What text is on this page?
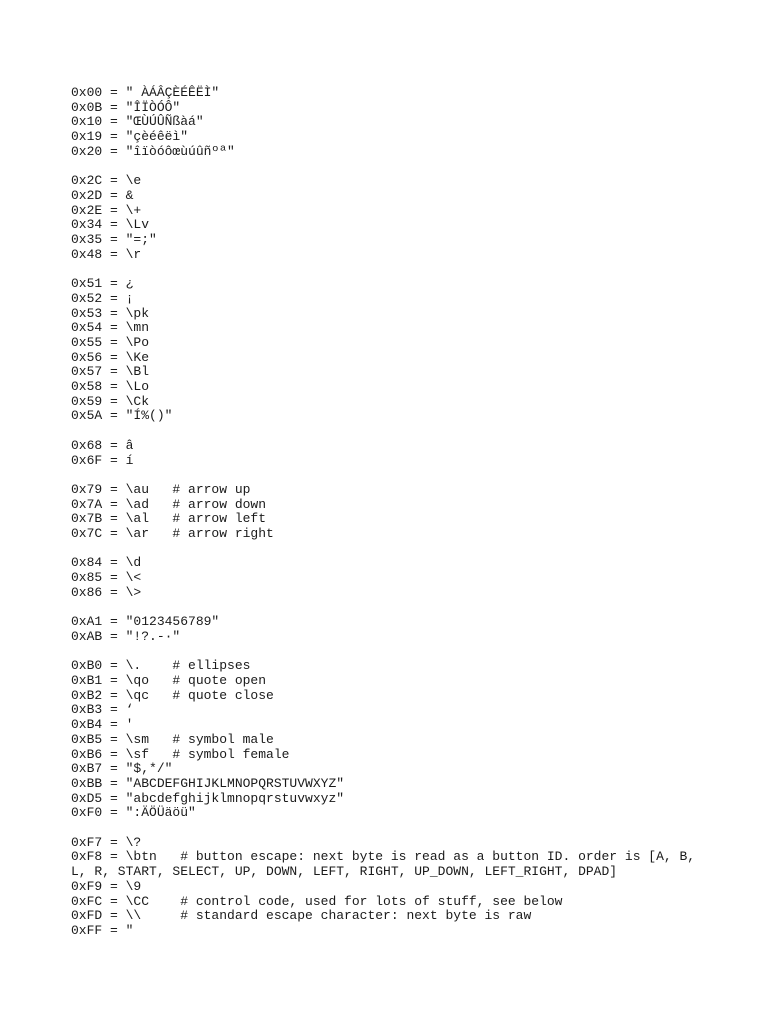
0x00 = " ÀÁÂÇÈÉÊËÌ"
0x0B = "ÎÏÒÓÔ"
0x10 = "ŒÙÚÛÑßàá"
0x19 = "çèéêëì"
0x20 = "îïòóôœùúûñºª"
0x2C = \e
0x2D = &
0x2E = \+
0x34 = \Lv
0x35 = "=;"
0x48 = \r
0x51 = ¿
0x52 = ¡
0x53 = \pk
0x54 = \mn
0x55 = \Po
0x56 = \Ke
0x57 = \Bl
0x58 = \Lo
0x59 = \Ck
0x5A = "Í%()"
0x68 = â
0x6F = í
0x79 = \au   # arrow up
0x7A = \ad   # arrow down
0x7B = \al   # arrow left
0x7C = \ar   # arrow right
0x84 = \d
0x85 = \<
0x86 = \>
0xA1 = "0123456789"
0xAB = "!?.-·"
0xB0 = \.    # ellipses
0xB1 = \qo   # quote open
0xB2 = \qc   # quote close
0xB3 = ‘
0xB4 = '
0xB5 = \sm   # symbol male
0xB6 = \sf   # symbol female
0xB7 = "$,*/"
0xBB = "ABCDEFGHIJKLMNOPQRSTUVWXYZ"
0xD5 = "abcdefghijklmnopqrstuvwxyz"
0xF0 = ":ÄÖÜäöü"
0xF7 = \?
0xF8 = \btn   # button escape: next byte is read as a button ID. order is [A, B, L, R, START, SELECT, UP, DOWN, LEFT, RIGHT, UP_DOWN, LEFT_RIGHT, DPAD]
0xF9 = \9
0xFC = \CC    # control code, used for lots of stuff, see below
0xFD = \\     # standard escape character: next byte is raw
0xFF = "
